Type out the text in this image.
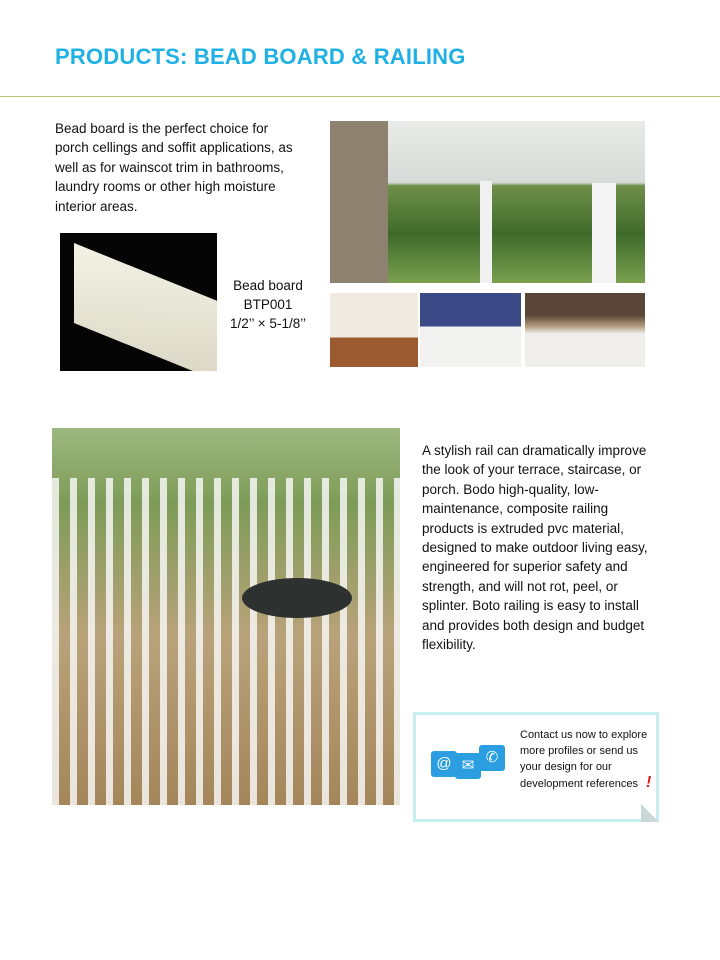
PRODUCTS: BEAD BOARD & RAILING
Bead board is the perfect choice for porch cellings and soffit applications, as well as for wainscot trim in bathrooms, laundry rooms or other high moisture interior areas.
Bead board
BTP001
1/2’’ × 5-1/8’’
A stylish rail can dramatically improve the look of your terrace, staircase, or porch. Bodo high-quality, low-maintenance, composite railing products is extruded pvc material, designed to make outdoor living easy, engineered for superior safety and strength, and will not rot, peel, or splinter. Boto railing is easy to install and provides both design and budget flexibility.
@ ✉ ✆
Contact us now to explore more profiles or send us your design for our development references !
